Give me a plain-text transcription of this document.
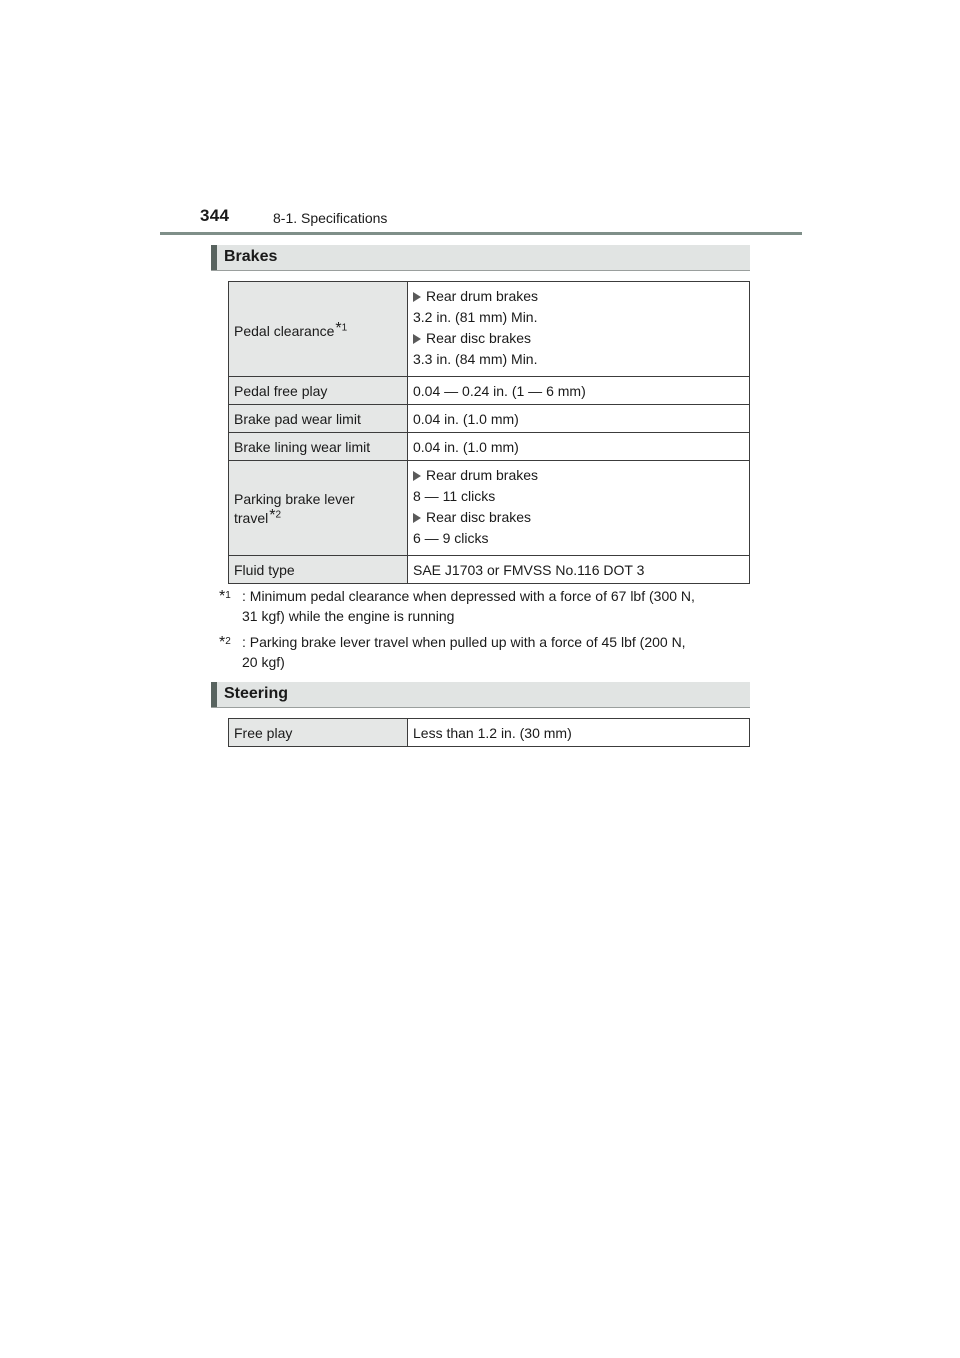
344	8-1. Specifications
Brakes
Pedal clearance*$^1$	Rear drum brakes
3.2 in. (81 mm) Min.
Rear disc brakes
3.3 in. (84 mm) Min.

Pedal free play	0.04 — 0.24 in. (1 — 6 mm)
Brake pad wear limit	0.04 in. (1.0 mm)
Brake lining wear limit	0.04 in. (1.0 mm)
Parking brake lever travel*$^2$	Rear drum brakes
8 — 11 clicks
Rear disc brakes
6 — 9 clicks

Fluid type	SAE J1703 or FMVSS No.116 DOT 3
*$^1$ : Minimum pedal clearance when depressed with a force of 67 lbf (300 N,
31 kgf) while the engine is running
*$^2$ : Parking brake lever travel when pulled up with a force of 45 lbf (200 N,
20 kgf)
Steering
Free play	Less than 1.2 in. (30 mm)
